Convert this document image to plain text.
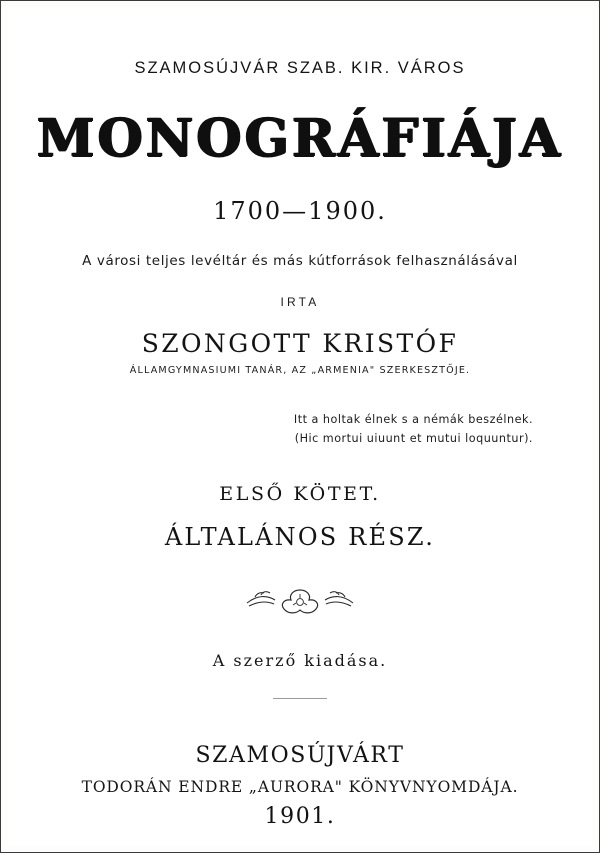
SZAMOSÚJVÁR SZAB. KIR. VÁROS
MONOGRÁFIÁJA
1700—1900.
A városi teljes levéltár és más kútforrások felhasználásával
IRTA
SZONGOTT KRISTÓF
ÁLLAMGYMNASIUMI TANÁR, AZ „ARMENIA" SZERKESZTŐJE.
Itt a holtak élnek s a némák beszélnek.
(Hic mortui uiuunt et mutui loquuntur).
ELSŐ KÖTET.
ÁLTALÁNOS RÉSZ.
A szerző kiadása.
SZAMOSÚJVÁRT
TODORÁN ENDRE „AURORA" KÖNYVNYOMDÁJA.
1901.
